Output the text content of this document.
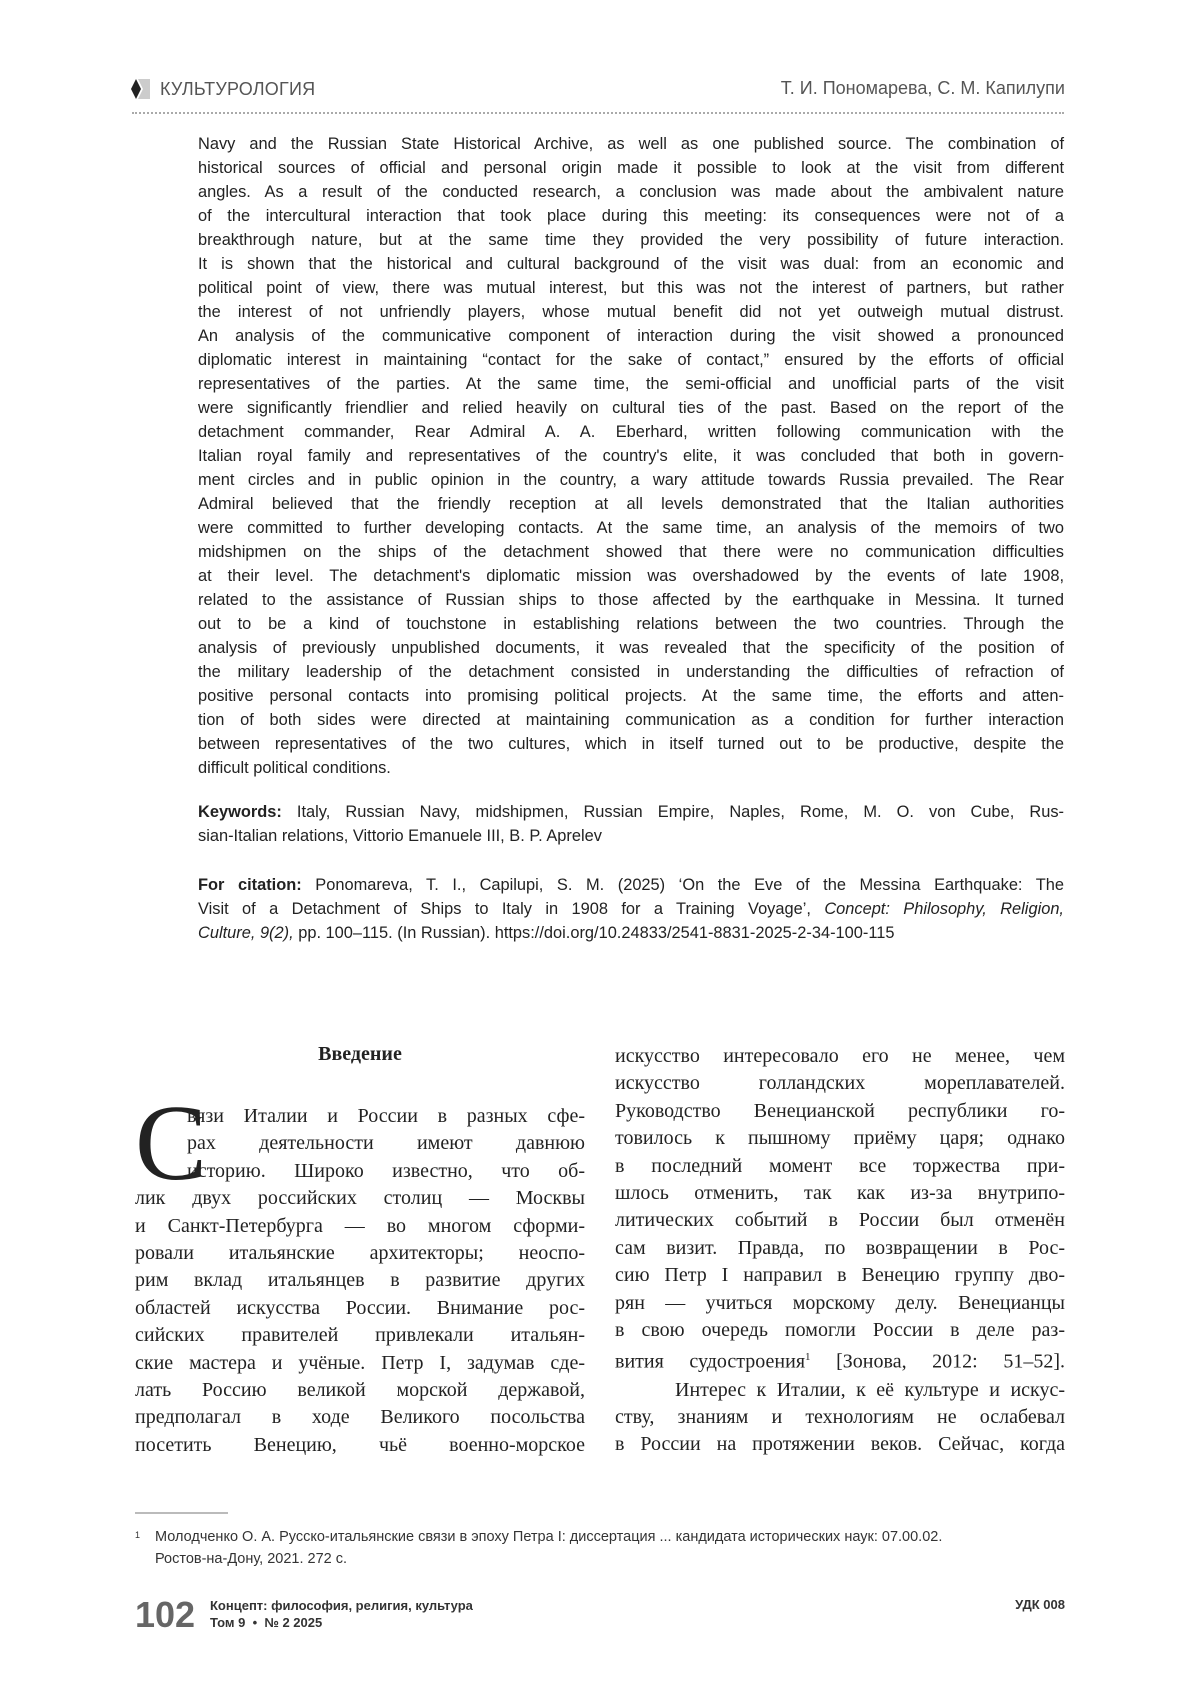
КУЛЬТУРОЛОГИЯ	Т. И. Пономарева, С. М. Капилупи
Navy and the Russian State Historical Archive, as well as one published source. The combination of
historical sources of official and personal origin made it possible to look at the visit from different
angles. As a result of the conducted research, a conclusion was made about the ambivalent nature
of the intercultural interaction that took place during this meeting: its consequences were not of a
breakthrough nature, but at the same time they provided the very possibility of future interaction.
It is shown that the historical and cultural background of the visit was dual: from an economic and
political point of view, there was mutual interest, but this was not the interest of partners, but rather
the interest of not unfriendly players, whose mutual benefit did not yet outweigh mutual distrust.
An analysis of the communicative component of interaction during the visit showed a pronounced
diplomatic interest in maintaining “contact for the sake of contact,” ensured by the efforts of official
representatives of the parties. At the same time, the semi-official and unofficial parts of the visit
were significantly friendlier and relied heavily on cultural ties of the past. Based on the report of the
detachment commander, Rear Admiral A. A. Eberhard, written following communication with the
Italian royal family and representatives of the country's elite, it was concluded that both in govern-
ment circles and in public opinion in the country, a wary attitude towards Russia prevailed. The Rear
Admiral believed that the friendly reception at all levels demonstrated that the Italian authorities
were committed to further developing contacts. At the same time, an analysis of the memoirs of two
midshipmen on the ships of the detachment showed that there were no communication difficulties
at their level. The detachment's diplomatic mission was overshadowed by the events of late 1908,
related to the assistance of Russian ships to those affected by the earthquake in Messina. It turned
out to be a kind of touchstone in establishing relations between the two countries. Through the
analysis of previously unpublished documents, it was revealed that the specificity of the position of
the military leadership of the detachment consisted in understanding the difficulties of refraction of
positive personal contacts into promising political projects. At the same time, the efforts and atten-
tion of both sides were directed at maintaining communication as a condition for further interaction
between representatives of the two cultures, which in itself turned out to be productive, despite the
difficult political conditions.
Keywords: Italy, Russian Navy, midshipmen, Russian Empire, Naples, Rome, M. O. von Cube, Rus-
sian-Italian relations, Vittorio Emanuele III, B. P. Aprelev
For citation: Ponomareva, T. I., Capilupi, S. M. (2025) ‘On the Eve of the Messina Earthquake: The
Visit of a Detachment of Ships to Italy in 1908 for a Training Voyage’, Concept: Philosophy, Religion,
Culture, 9(2), pp. 100–115. (In Russian). https://doi.org/10.24833/2541-8831-2025-2-34-100-115
Введение
С
вязи Италии и России в разных сфе-
рах деятельности имеют давнюю
историю. Широко известно, что об-
лик двух российских столиц — Москвы
и Санкт-Петербурга — во многом сформи-
ровали итальянские архитекторы; неоспо-
рим вклад итальянцев в развитие других
областей искусства России. Внимание рос-
сийских правителей привлекали итальян-
ские мастера и учёные. Петр I, задумав сде-
лать Россию великой морской державой,
предполагал в ходе Великого посольства
посетить Венецию, чьё военно-морское
искусство интересовало его не менее, чем
искусство голландских мореплавателей.
Руководство Венецианской республики го-
товилось к пышному приёму царя; однако
в последний момент все торжества при-
шлось отменить, так как из-за внутрипо-
литических событий в России был отменён
сам визит. Правда, по возвращении в Рос-
сию Петр I направил в Венецию группу дво-
рян — учиться морскому делу. Венецианцы
в свою очередь помогли России в деле раз-
вития судостроения$^1$ [Зонова, 2012: 51–52].
Интерес к Италии, к её культуре и искус-
ству, знаниям и технологиям не ослабевал
в России на протяжении веков. Сейчас, когда
1	Молодченко О. А. Русско-итальянские связи в эпоху Петра I: диссертация ... кандидата исторических наук: 07.00.02.
Ростов-на-Дону, 2021. 272 с.
102 Концепт: философия, религия, культура
Том 9  •  № 2 2025
УДК 008
